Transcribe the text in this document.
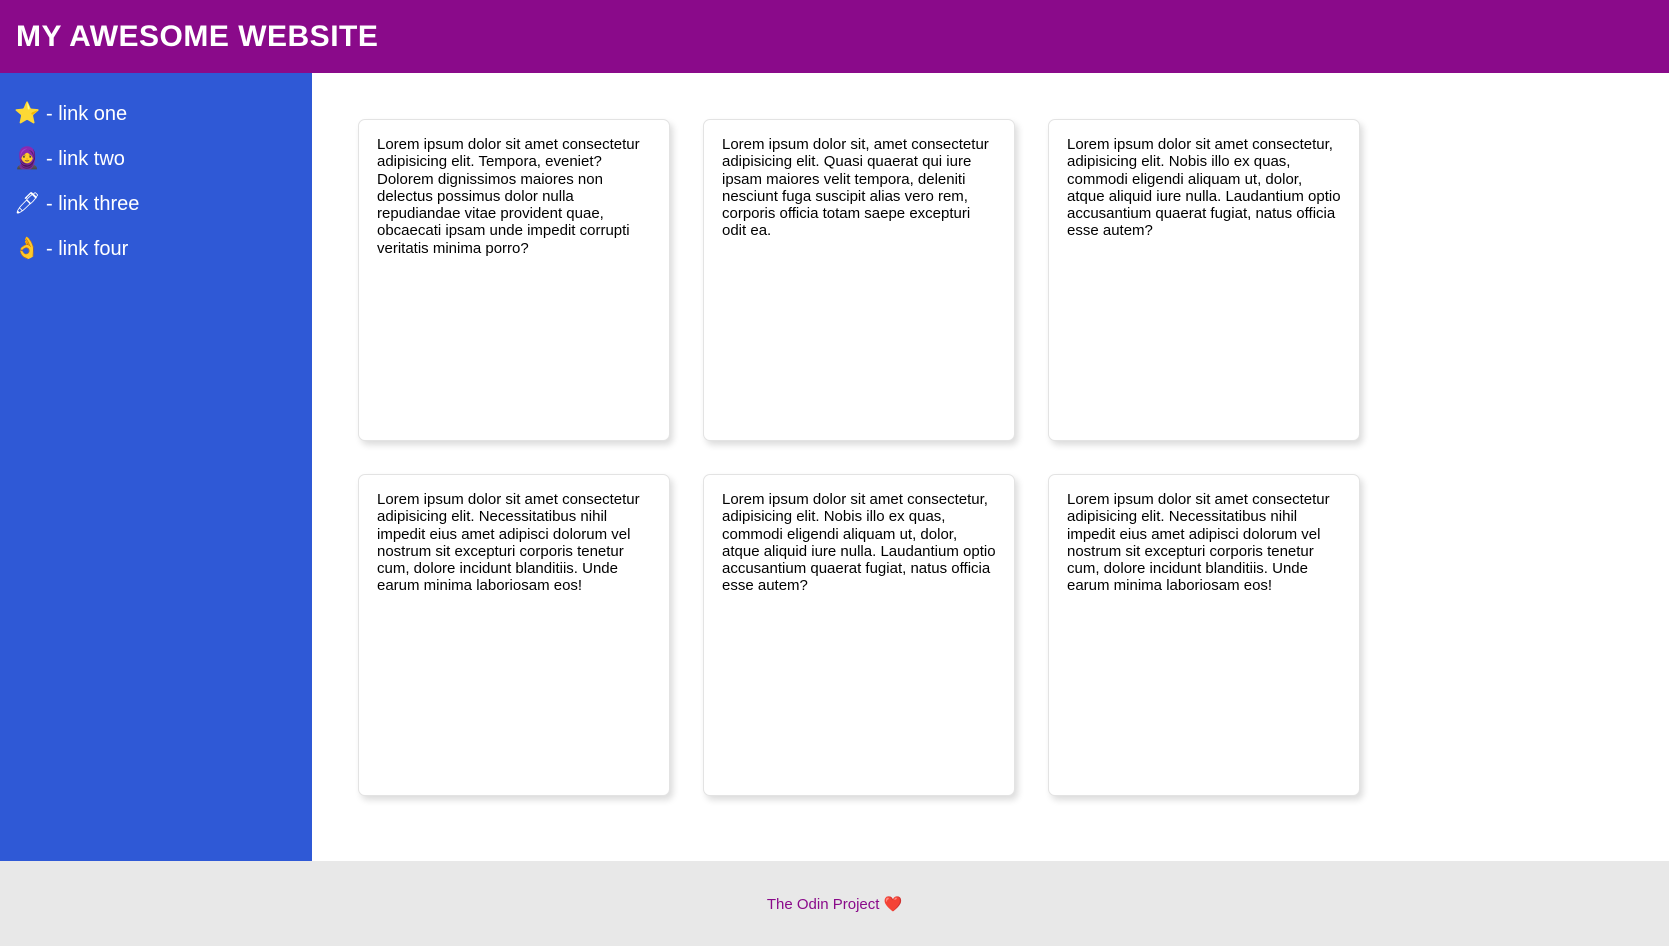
MY AWESOME WEBSITE
⭐ - link one
🧕 - link two
🖊 - link three
👌 - link four

Lorem ipsum dolor sit amet consectetur adipisicing elit. Tempora, eveniet? Dolorem dignissimos maiores non delectus possimus dolor nulla repudiandae vitae provident quae, obcaecati ipsam unde impedit corrupti veritatis minima porro?

Lorem ipsum dolor sit, amet consectetur adipisicing elit. Quasi quaerat qui iure ipsam maiores velit tempora, deleniti nesciunt fuga suscipit alias vero rem, corporis officia totam saepe excepturi odit ea.

Lorem ipsum dolor sit amet consectetur, adipisicing elit. Nobis illo ex quas, commodi eligendi aliquam ut, dolor, atque aliquid iure nulla. Laudantium optio accusantium quaerat fugiat, natus officia esse autem?

Lorem ipsum dolor sit amet consectetur adipisicing elit. Necessitatibus nihil impedit eius amet adipisci dolorum vel nostrum sit excepturi corporis tenetur cum, dolore incidunt blanditiis. Unde earum minima laboriosam eos!

Lorem ipsum dolor sit amet consectetur, adipisicing elit. Nobis illo ex quas, commodi eligendi aliquam ut, dolor, atque aliquid iure nulla. Laudantium optio accusantium quaerat fugiat, natus officia esse autem?

Lorem ipsum dolor sit amet consectetur adipisicing elit. Necessitatibus nihil impedit eius amet adipisci dolorum vel nostrum sit excepturi corporis tenetur cum, dolore incidunt blanditiis. Unde earum minima laboriosam eos!

The Odin Project ❤️
